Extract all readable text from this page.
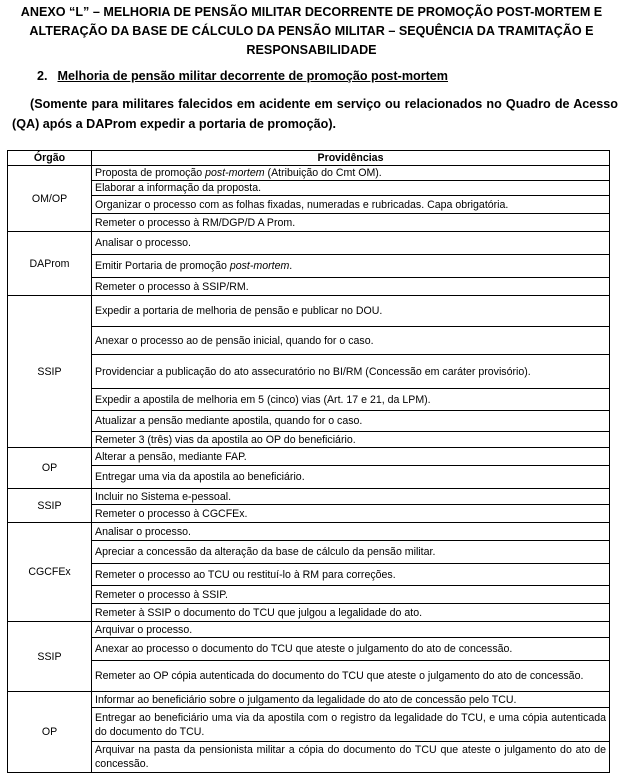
ANEXO “L” – MELHORIA DE PENSÃO MILITAR DECORRENTE DE PROMOÇÃO POST-MORTEM E
ALTERAÇÃO DA BASE DE CÁLCULO DA PENSÃO MILITAR – SEQUÊNCIA DA TRAMITAÇÃO E
RESPONSABILIDADE
2. Melhoria de pensão militar decorrente de promoção post-mortem
(Somente para militares falecidos em acidente em serviço ou relacionados no Quadro de Acesso (QA) após a DAProm expedir a portaria de promoção).
Órgão	Providências
OM/OP	Proposta de promoção post-mortem (Atribuição do Cmt OM).
	Elaborar a informação da proposta.
	Organizar o processo com as folhas fixadas, numeradas e rubricadas. Capa obrigatória.
	Remeter o processo à RM/DGP/D A Prom.
DAProm	Analisar o processo.
	Emitir Portaria de promoção post-mortem.
	Remeter o processo à SSIP/RM.
SSIP	Expedir a portaria de melhoria de pensão e publicar no DOU.
	Anexar o processo ao de pensão inicial, quando for o caso.
	Providenciar a publicação do ato assecuratório no BI/RM (Concessão em caráter provisório).
	Expedir a apostila de melhoria em 5 (cinco) vias (Art. 17 e 21, da LPM).
	Atualizar a pensão mediante apostila, quando for o caso.
	Remeter 3 (três) vias da apostila ao OP do beneficiário.
OP	Alterar a pensão, mediante FAP.
	Entregar uma via da apostila ao beneficiário.
SSIP	Incluir no Sistema e-pessoal.
	Remeter o processo à CGCFEx.
CGCFEx	Analisar o processo.
	Apreciar a concessão da alteração da base de cálculo da pensão militar.
	Remeter o processo ao TCU ou restituí-lo à RM para correções.
	Remeter o processo à SSIP.
	Remeter à SSIP o documento do TCU que julgou a legalidade do ato.
SSIP	Arquivar o processo.
	Anexar ao processo o documento do TCU que ateste o julgamento do ato de concessão.
	Remeter ao OP cópia autenticada do documento do TCU que ateste o julgamento do ato de concessão.
OP	Informar ao beneficiário sobre o julgamento da legalidade do ato de concessão pelo TCU.
	Entregar ao beneficiário uma via da apostila com o registro da legalidade do TCU, e uma cópia autenticada do documento do TCU.
	Arquivar na pasta da pensionista militar a cópia do documento do TCU que ateste o julgamento do ato de concessão.
